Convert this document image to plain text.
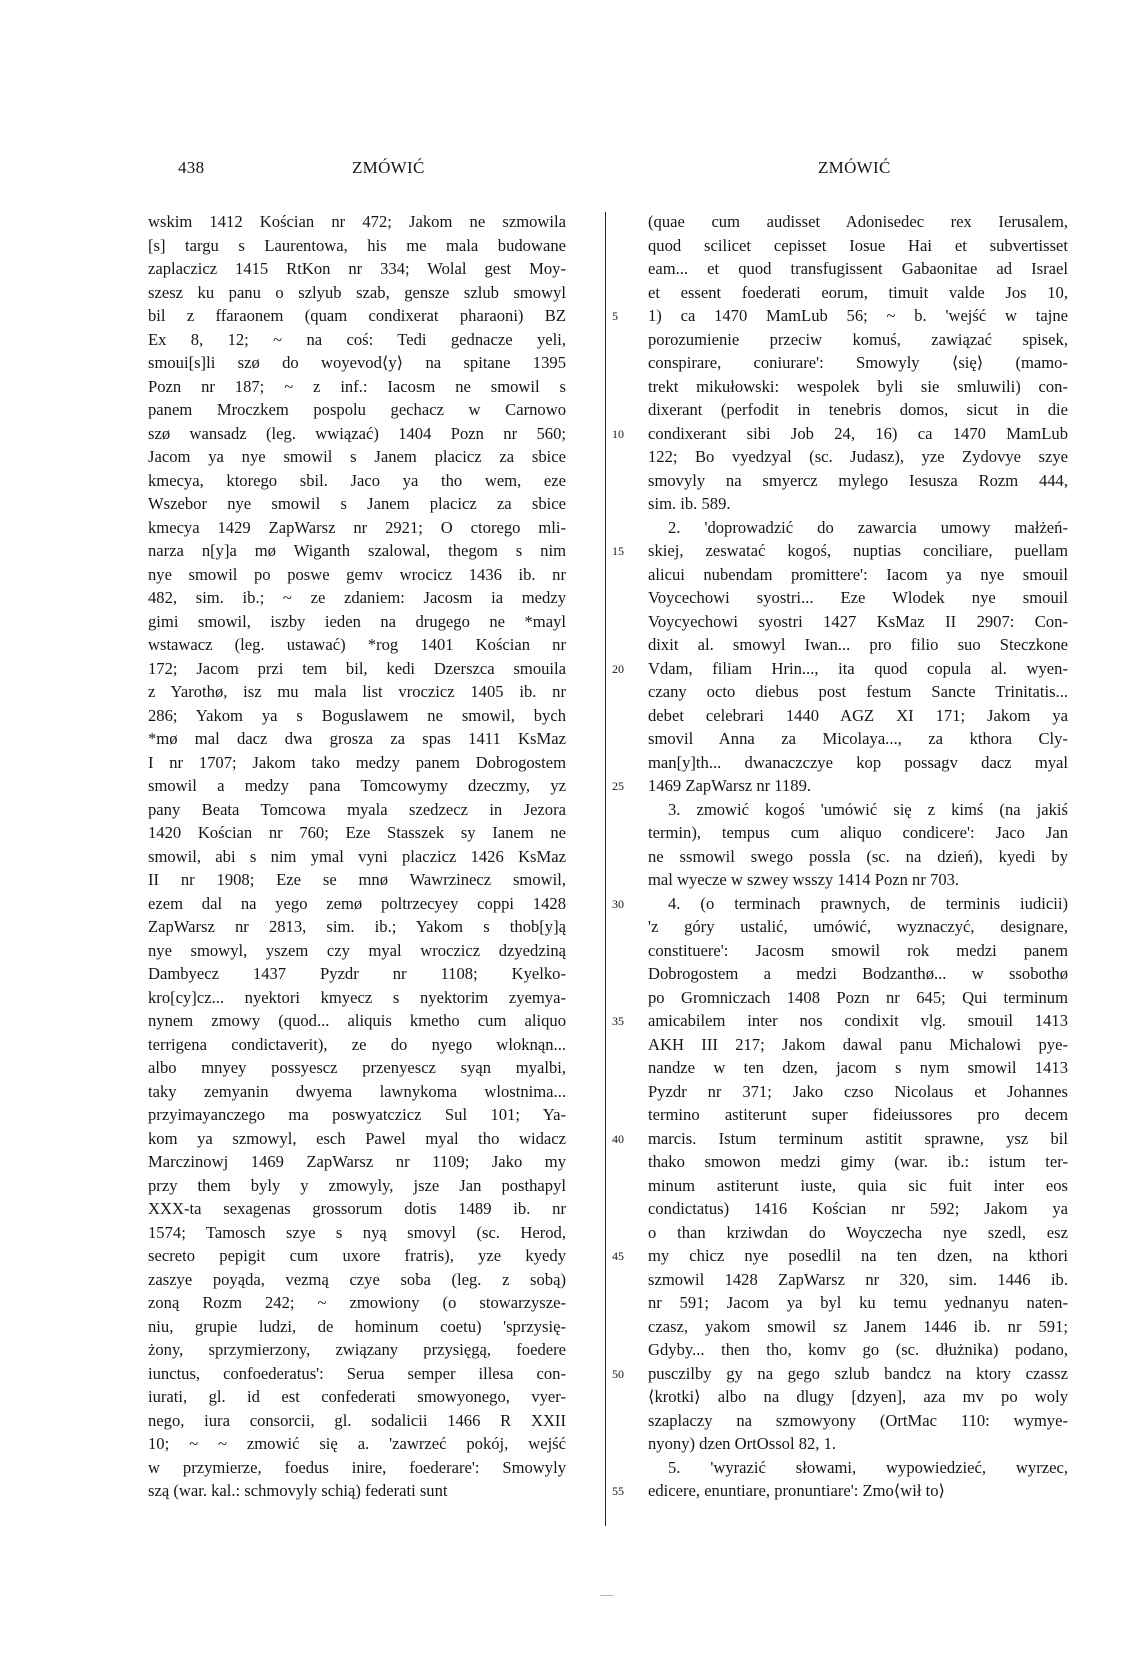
438	ZMÓWIĆ	ZMÓWIĆ
wskim 1412 Kościan nr 472; Jakom ne szmowila
[s] targu s Laurentowa, his me mala budowane
zaplaczicz 1415 RtKon nr 334; Wolal gest Moy-
szesz ku panu o szlyub szab, gensze szlub smowyl
bil z ffaraonem (quam condixerat pharaoni) BZ
Ex 8, 12; ~ na coś: Tedi gednacze yeli,
smoui[s]li szø do woyevod⟨y⟩ na spitane 1395
Pozn nr 187; ~ z inf.: Iacosm ne smowil s
panem Mroczkem pospolu gechacz w Carnowo
szø wansadz (leg. wwiązać) 1404 Pozn nr 560;
Jacom ya nye smowil s Janem placicz za sbice
kmecya, ktorego sbil. Jaco ya tho wem, eze
Wszebor nye smowil s Janem placicz za sbice
kmecya 1429 ZapWarsz nr 2921; O ctorego mli-
narza n[y]a mø Wiganth szalowal, thegom s nim
nye smowil po poswe gemv wrocicz 1436 ib. nr
482, sim. ib.; ~ ze zdaniem: Jacosm ia medzy
gimi smowil, iszby ieden na drugego ne *mayl
wstawacz (leg. ustawać) *rog 1401 Kościan nr
172; Jacom przi tem bil, kedi Dzerszca smouila
z Yarothø, isz mu mala list vroczicz 1405 ib. nr
286; Yakom ya s Boguslawem ne smowil, bych
*mø mal dacz dwa grosza za spas 1411 KsMaz
I nr 1707; Jakom tako medzy panem Dobrogostem
smowil a medzy pana Tomcowymy dzeczmy, yz
pany Beata Tomcowa myala szedzecz in Jezora
1420 Kościan nr 760; Eze Stasszek sy Ianem ne
smowil, abi s nim ymal vyni placzicz 1426 KsMaz
II nr 1908; Eze se mnø Wawrzinecz smowil,
ezem dal na yego zemø poltrzecyey coppi 1428
ZapWarsz nr 2813, sim. ib.; Yakom s thob[y]ą
nye smowyl, yszem czy myal wroczicz dzyedziną
Dambyecz 1437 Pyzdr nr 1108; Kyelko-
kro[cy]cz... nyektori kmyecz s nyektorim zyemya-
nynem zmowy (quod... aliquis kmetho cum aliquo
terrigena condictaverit), ze do nyego wloknąn...
albo mnyey possyescz przenyescz syąn myalbi,
taky zemyanin dwyema lawnykoma wlostnima...
przyimayanczego ma poswyatczicz Sul 101; Ya-
kom ya szmowyl, esch Pawel myal tho widacz
Marczinowj 1469 ZapWarsz nr 1109; Jako my
przy them byly y zmowyly, jsze Jan posthapyl
XXX-ta sexagenas grossorum dotis 1489 ib. nr
1574; Tamosch szye s nyą smovyl (sc. Herod,
secreto pepigit cum uxore fratris), yze kyedy
zaszye poyąda, vezmą czye soba (leg. z sobą)
zoną Rozm 242; ~ zmowiony (o stowarzysze-
niu, grupie ludzi, de hominum coetu) 'sprzysię-
żony, sprzymierzony, związany przysięgą, foedere
iunctus, confoederatus': Serua semper illesa con-
iurati, gl. id est confederati smowyonego, vyer-
nego, iura consorcii, gl. sodalicii 1466 R XXII
10; ~ ~ zmowić się a. 'zawrzeć pokój, wejść
w przymierze, foedus inire, foederare': Smowyly
szą (war. kal.: schmovyly schią) federati sunt
5
10
15
20
25
30
35
40
45
50
55
(quae cum audisset Adonisedec rex Ierusalem,
quod scilicet cepisset Iosue Hai et subvertisset
eam... et quod transfugissent Gabaonitae ad Israel
et essent foederati eorum, timuit valde Jos 10,
1) ca 1470 MamLub 56; ~ b. 'wejść w tajne
porozumienie przeciw komuś, zawiązać spisek,
conspirare, coniurare': Smowyly ⟨się⟩ (mamo-
trekt mikułowski: wespolek byli sie smluwili) con-
dixerant (perfodit in tenebris domos, sicut in die
condixerant sibi Job 24, 16) ca 1470 MamLub
122; Bo vyedzyal (sc. Judasz), yze Zydovye szye
smovyly na smyercz mylego Iesusza Rozm 444,
sim. ib. 589.
2. 'doprowadzić do zawarcia umowy małżeń-
skiej, zeswatać kogoś, nuptias conciliare, puellam
alicui nubendam promittere': Iacom ya nye smouil
Voycechowi syostri... Eze Wlodek nye smouil
Voycyechowi syostri 1427 KsMaz II 2907: Con-
dixit al. smowyl Iwan... pro filio suo Steczkone
Vdam, filiam Hrin..., ita quod copula al. wyen-
czany octo diebus post festum Sancte Trinitatis...
debet celebrari 1440 AGZ XI 171; Jakom ya
smovil Anna za Micolaya..., za kthora Cly-
man[y]th... dwanaczczye kop possagv dacz myal
1469 ZapWarsz nr 1189.
3. zmowić kogoś 'umówić się z kimś (na jakiś
termin), tempus cum aliquo condicere': Jaco Jan
ne ssmowil swego possla (sc. na dzień), kyedi by
mal wyecze w szwey wsszy 1414 Pozn nr 703.
4. (o terminach prawnych, de terminis iudicii)
'z góry ustalić, umówić, wyznaczyć, designare,
constituere': Jacosm smowil rok medzi panem
Dobrogostem a medzi Bodzanthø... w ssobothø
po Gromniczach 1408 Pozn nr 645; Qui terminum
amicabilem inter nos condixit vlg. smouil 1413
AKH III 217; Jakom dawal panu Michalowi pye-
nandze w ten dzen, jacom s nym smowil 1413
Pyzdr nr 371; Jako czso Nicolaus et Johannes
termino astiterunt super fideiussores pro decem
marcis. Istum terminum astitit sprawne, ysz bil
thako smowon medzi gimy (war. ib.: istum ter-
minum astiterunt iuste, quia sic fuit inter eos
condictatus) 1416 Kościan nr 592; Jakom ya
o than krziwdan do Woyczecha nye szedl, esz
my chicz nye posedlil na ten dzen, na kthori
szmowil 1428 ZapWarsz nr 320, sim. 1446 ib.
nr 591; Jacom ya byl ku temu yednanyu naten-
czasz, yakom smowil sz Janem 1446 ib. nr 591;
Gdyby... then tho, komv go (sc. dłużnika) podano,
pusczilby gy na gego szlub bandcz na ktory czassz
⟨krotki⟩ albo na dlugy [dzyen], aza mv po woly
szaplaczy na szmowyony (OrtMac 110: wymye-
nyony) dzen OrtOssol 82, 1.
5. 'wyrazić słowami, wypowiedzieć, wyrzec,
edicere, enuntiare, pronuntiare': Zmo⟨wił to⟩
